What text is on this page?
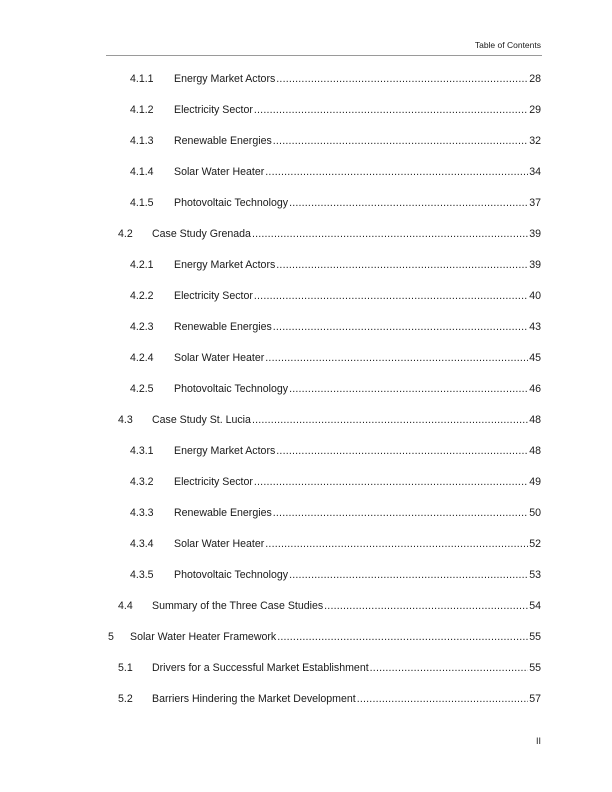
Table of Contents
4.1.1 Energy Market Actors .....	28
4.1.2 Electricity Sector .....	29
4.1.3 Renewable Energies .....	32
4.1.4 Solar Water Heater .....	34
4.1.5 Photovoltaic Technology .....	37
4.2 Case Study Grenada .....	39
4.2.1 Energy Market Actors .....	39
4.2.2 Electricity Sector .....	40
4.2.3 Renewable Energies .....	43
4.2.4 Solar Water Heater .....	45
4.2.5 Photovoltaic Technology .....	46
4.3 Case Study St. Lucia .....	48
4.3.1 Energy Market Actors .....	48
4.3.2 Electricity Sector .....	49
4.3.3 Renewable Energies .....	50
4.3.4 Solar Water Heater .....	52
4.3.5 Photovoltaic Technology .....	53
4.4 Summary of the Three Case Studies .....	54
5 Solar Water Heater Framework .....	55
5.1 Drivers for a Successful Market Establishment .....	55
5.2 Barriers Hindering the Market Development .....	57
II
